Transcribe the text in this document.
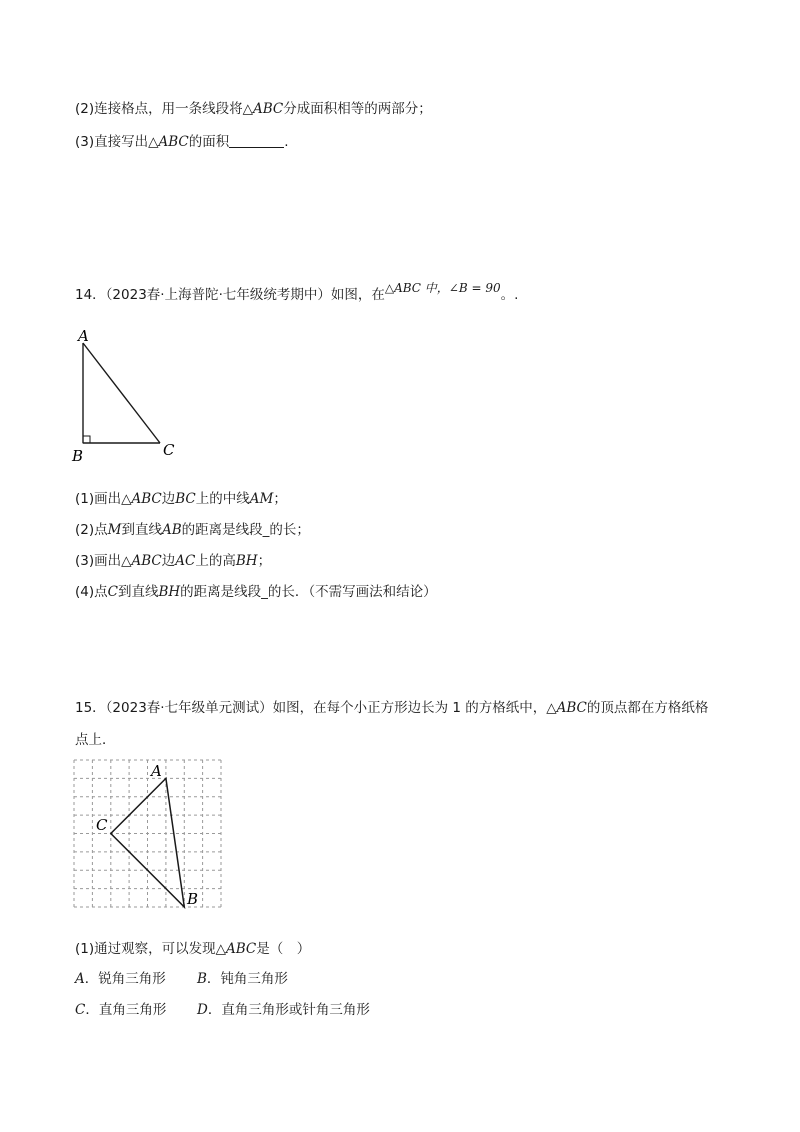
(2)连接格点，用一条线段将△ABC分成面积相等的两部分；
(3)直接写出△ABC的面积	.
14．（2023春·上海普陀·七年级统考期中）如图，在△ABC 中，∠B = 90。.
A
B	C
(1)画出△ABC边BC上的中线AM；
(2)点M到直线AB的距离是线段_的长；
(3)画出△ABC边AC上的高BH；
(4)点C到直线BH的距离是线段_的长．（不需写画法和结论）
15．（2023春·七年级单元测试）如图，在每个小正方形边长为 1 的方格纸中，△ABC的顶点都在方格纸格
点上．
A
C
B
(1)通过观察，可以发现△ABC是（　）
A．锐角三角形 B．钝角三角形
C．直角三角形 D．直角三角形或针角三角形
